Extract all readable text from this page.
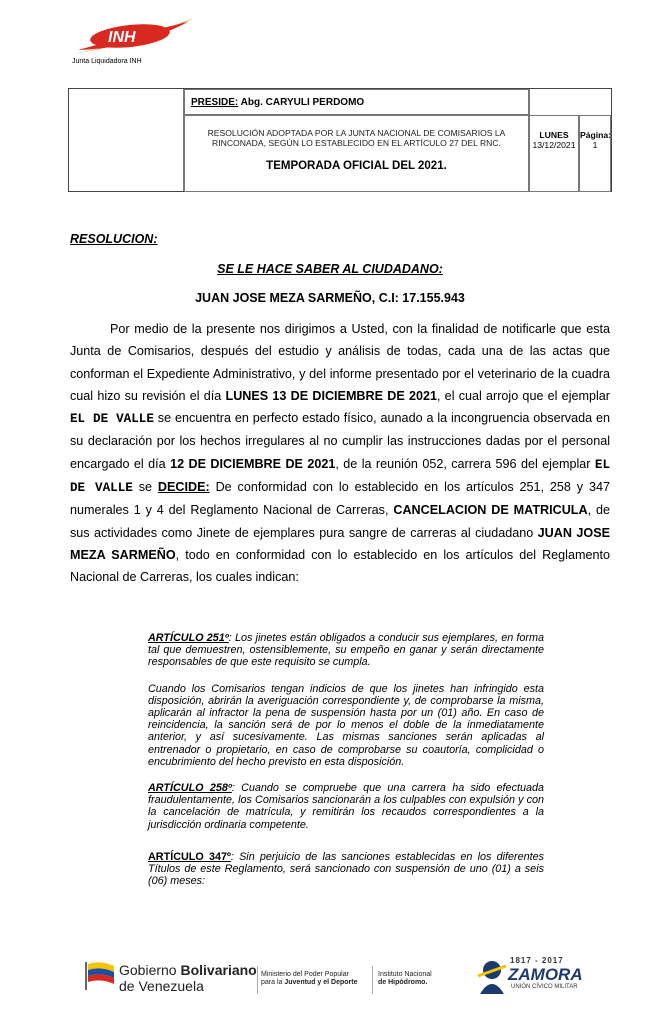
INH
Junta Liquidadora INH
PRESIDE: Abg. CARYULI PERDOMO
RESOLUCIÓN ADOPTADA POR LA JUNTA NACIONAL DE COMISARIOS LA RINCONADA, SEGÚN LO ESTABLECIDO EN EL ARTÍCULO 27 DEL RNC.
TEMPORADA OFICIAL DEL 2021.
LUNES
13/12/2021
Página:
1
RESOLUCION:
SE LE HACE SABER AL CIUDADANO:
JUAN JOSE MEZA SARMEÑO, C.I: 17.155.943
Por medio de la presente nos dirigimos a Usted, con la finalidad de notificarle que esta Junta de Comisarios, después del estudio y análisis de todas, cada una de las actas que conforman el Expediente Administrativo, y del informe presentado por el veterinario de la cuadra cual hizo su revisión el día LUNES 13 DE DICIEMBRE DE 2021, el cual arrojo que el ejemplar EL DE VALLE se encuentra en perfecto estado físico, aunado a la incongruencia observada en su declaración por los hechos irregulares al no cumplir las instrucciones dadas por el personal encargado el día 12 DE DICIEMBRE DE 2021, de la reunión 052, carrera 596 del ejemplar EL DE VALLE se DECIDE: De conformidad con lo establecido en los artículos 251, 258 y 347 numerales 1 y 4 del Reglamento Nacional de Carreras, CANCELACION DE MATRICULA, de sus actividades como Jinete de ejemplares pura sangre de carreras al ciudadano JUAN JOSE MEZA SARMEÑO, todo en conformidad con lo establecido en los artículos del Reglamento Nacional de Carreras, los cuales indican:

ARTÍCULO 251º: Los jinetes están obligados a conducir sus ejemplares, en forma tal que demuestren, ostensiblemente, su empeño en ganar y serán directamente responsables de que este requisito se cumpla.

Cuando los Comisarios tengan indicios de que los jinetes han infringido esta disposición, abrirán la averiguación correspondiente y, de comprobarse la misma, aplicarán al infractor la pena de suspensión hasta por un (01) año. En caso de reincidencia, la sanción será de por lo menos el doble de la inmediatamente anterior, y así sucesivamente. Las mismas sanciones serán aplicadas al entrenador o propietario, en caso de comprobarse su coautoría, complicidad o encubrimiento del hecho previsto en esta disposición.

ARTÍCULO 258º: Cuando se compruebe que una carrera ha sido efectuada fraudulentamente, los Comisarios sancionarán a los culpables con expulsión y con la cancelación de matrícula, y remitirán los recaudos correspondientes a la jurisdicción ordinaria competente.

ARTÍCULO 347º: Sin perjuicio de las sanciones establecidas en los diferentes Títulos de este Reglamento, será sancionado con suspensión de uno (01) a seis (06) meses:

Gobierno Bolivariano
de Venezuela
Ministerio del Poder Popular
para la Juventud y el Deporte
Instituto Nacional
de Hipódromo.
1817 - 2017
ZAMORA
UNIÓN CÍVICO MILITAR
